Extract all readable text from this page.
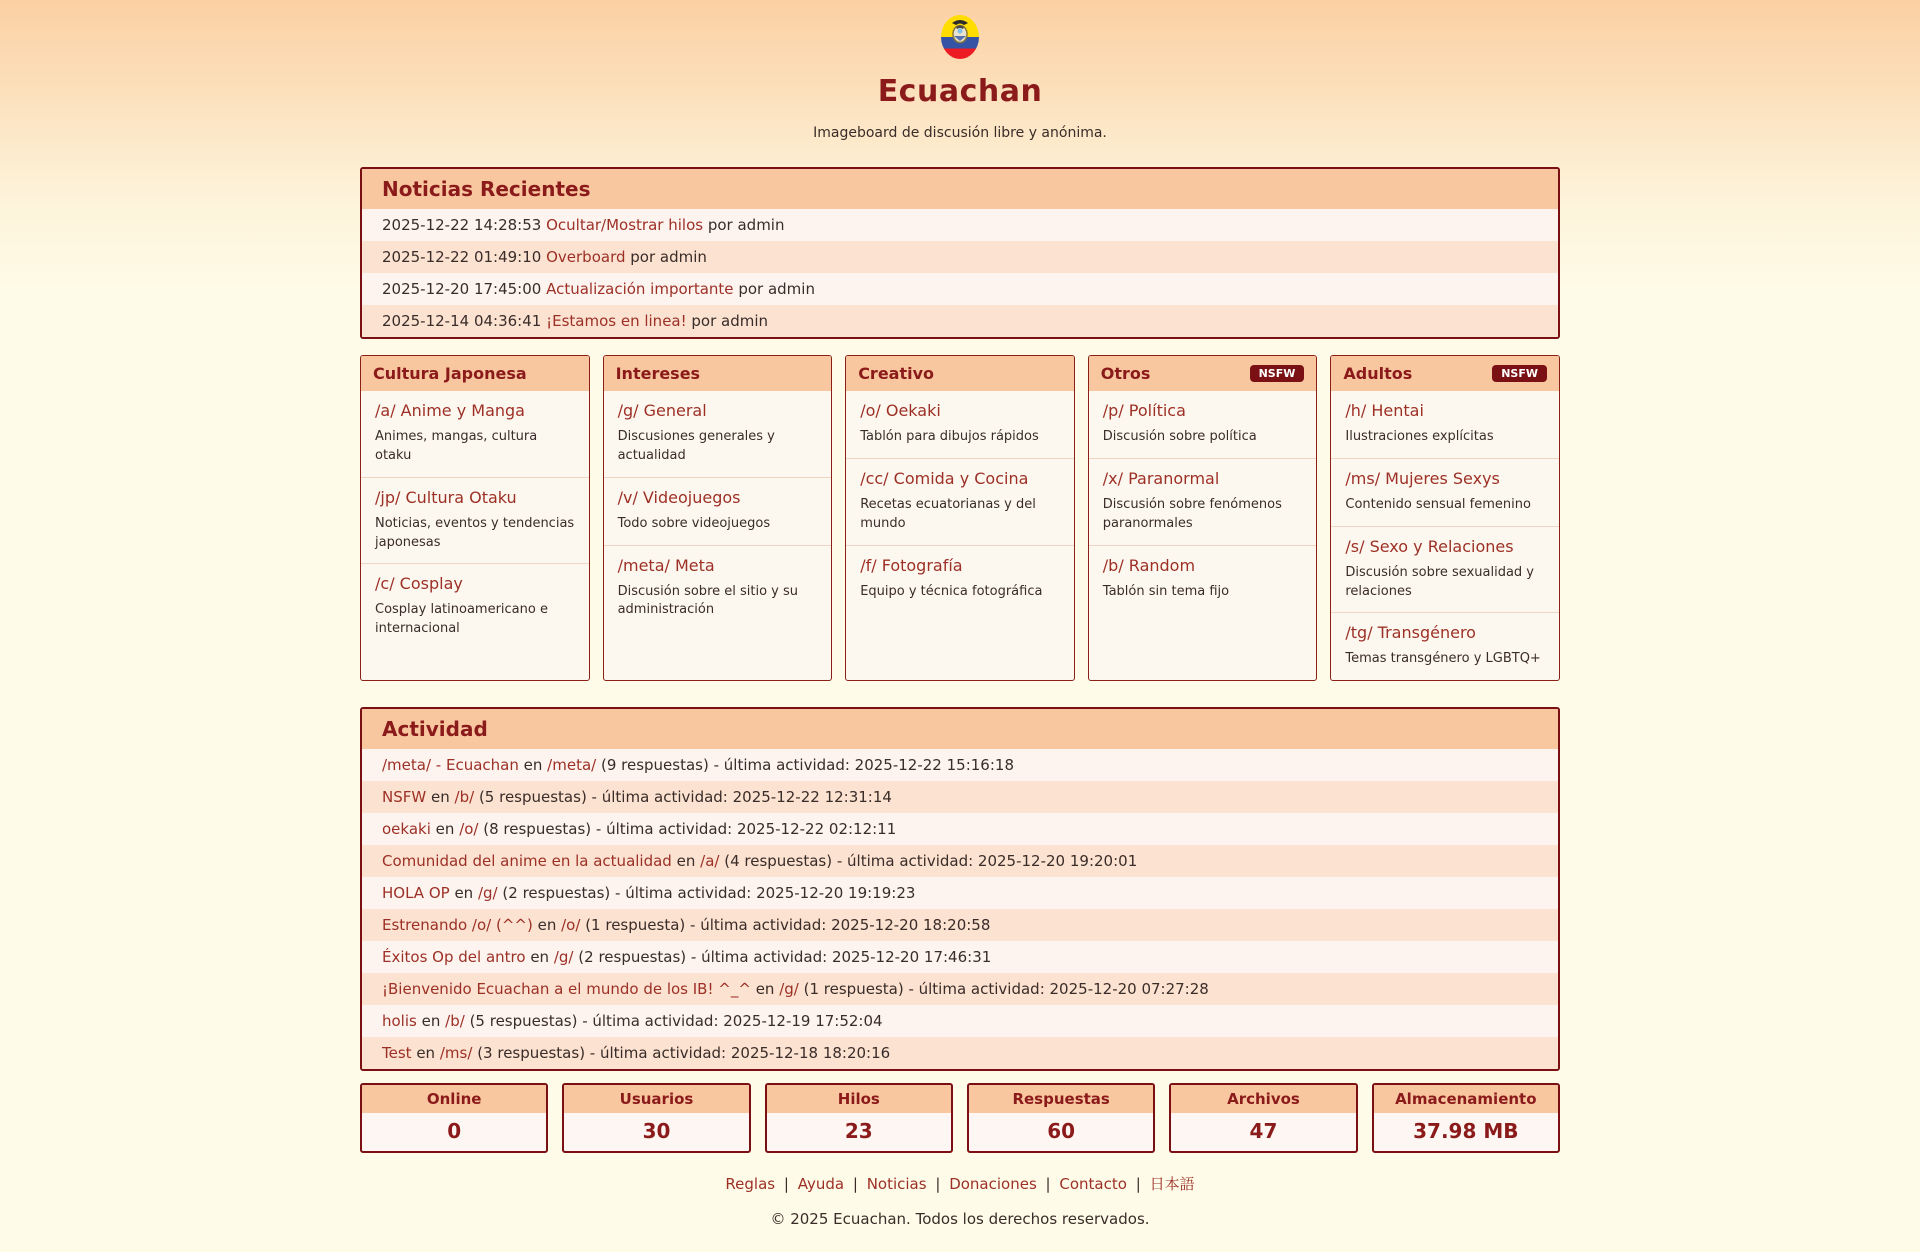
Ecuachan
Imageboard de discusión libre y anónima.
Noticias Recientes
2025-12-22 14:28:53 Ocultar/Mostrar hilos por admin
2025-12-22 01:49:10 Overboard por admin
2025-12-20 17:45:00 Actualización importante por admin
2025-12-14 04:36:41 ¡Estamos en linea! por admin
Cultura Japonesa
/a/ Anime y Manga
Animes, mangas, cultura otaku
/jp/ Cultura Otaku
Noticias, eventos y tendencias japonesas
/c/ Cosplay
Cosplay latinoamericano e internacional
Intereses
/g/ General
Discusiones generales y actualidad
/v/ Videojuegos
Todo sobre videojuegos
/meta/ Meta
Discusión sobre el sitio y su administración
Creativo
/o/ Oekaki
Tablón para dibujos rápidos
/cc/ Comida y Cocina
Recetas ecuatorianas y del mundo
/f/ Fotografía
Equipo y técnica fotográfica
Otros	NSFW
/p/ Política
Discusión sobre política
/x/ Paranormal
Discusión sobre fenómenos paranormales
/b/ Random
Tablón sin tema fijo
Adultos	NSFW
/h/ Hentai
Ilustraciones explícitas
/ms/ Mujeres Sexys
Contenido sensual femenino
/s/ Sexo y Relaciones
Discusión sobre sexualidad y relaciones
/tg/ Transgénero
Temas transgénero y LGBTQ+
Actividad
/meta/ - Ecuachan en /meta/ (9 respuestas) - última actividad: 2025-12-22 15:16:18
NSFW en /b/ (5 respuestas) - última actividad: 2025-12-22 12:31:14
oekaki en /o/ (8 respuestas) - última actividad: 2025-12-22 02:12:11
Comunidad del anime en la actualidad en /a/ (4 respuestas) - última actividad: 2025-12-20 19:20:01
HOLA OP en /g/ (2 respuestas) - última actividad: 2025-12-20 19:19:23
Estrenando /o/ (^^) en /o/ (1 respuesta) - última actividad: 2025-12-20 18:20:58
Éxitos Op del antro en /g/ (2 respuestas) - última actividad: 2025-12-20 17:46:31
¡Bienvenido Ecuachan a el mundo de los IB! ^_^ en /g/ (1 respuesta) - última actividad: 2025-12-20 07:27:28
holis en /b/ (5 respuestas) - última actividad: 2025-12-19 17:52:04
Test en /ms/ (3 respuestas) - última actividad: 2025-12-18 18:20:16
Online
0
Usuarios
30
Hilos
23
Respuestas
60
Archivos
47
Almacenamiento
37.98 MB
Reglas | Ayuda | Noticias | Donaciones | Contacto | 日本語
© 2025 Ecuachan. Todos los derechos reservados.
